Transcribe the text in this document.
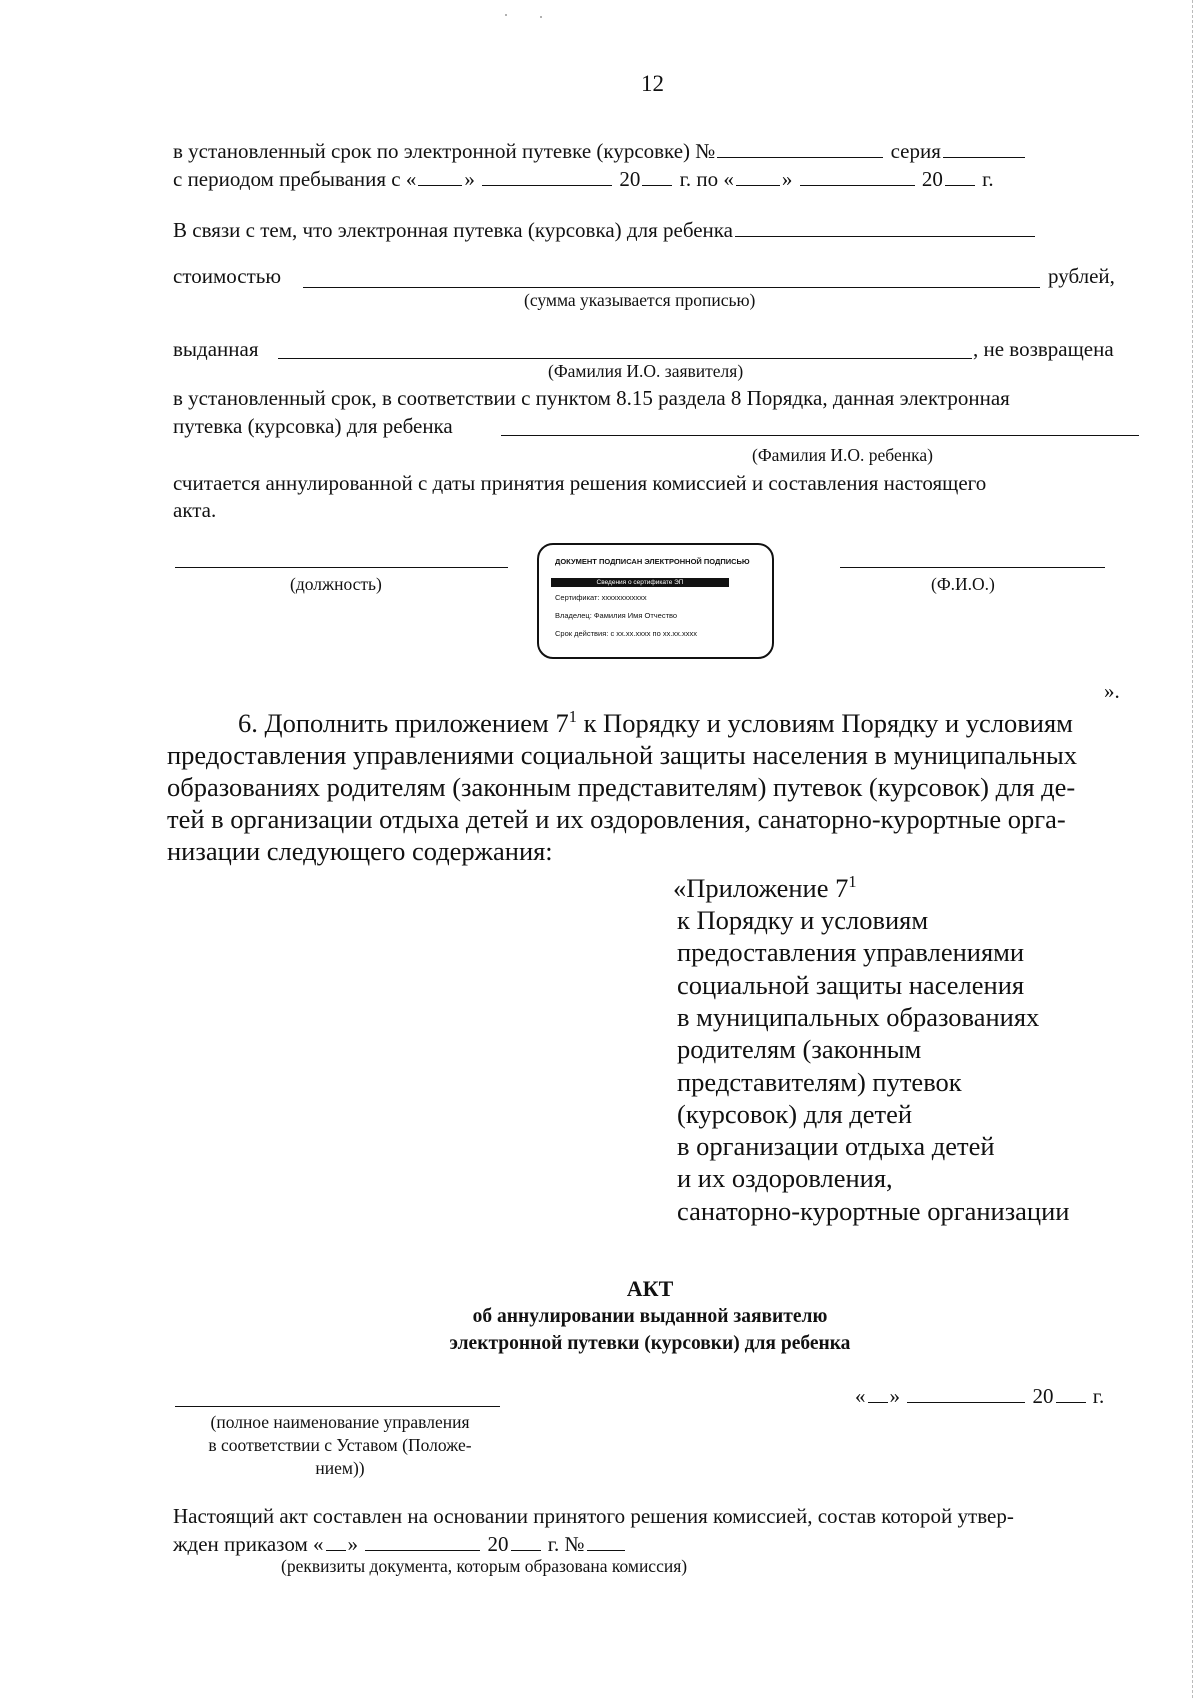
12
в установленный срок по электронной путевке (курсовке) №	серия
с периодом пребывания с « »	20 г. по « »	20 г.
В связи с тем, что электронная путевка (курсовка) для ребенка
стоимостью	рублей,
(сумма указывается прописью)
выданная	, не возвращена
(Фамилия И.О. заявителя)
в установленный срок, в соответствии с пунктом 8.15 раздела 8 Порядка, данная электронная
путевка (курсовка) для ребенка
(Фамилия И.О. ребенка)
считается аннулированной с даты принятия решения комиссией и составления настоящего
акта.
(должность)	(Ф.И.О.)
ДОКУМЕНТ ПОДПИСАН ЭЛЕКТРОННОЙ ПОДПИСЬЮ
Сведения о сертификате ЭП
Сертификат: хххххххххххх
Владелец: Фамилия Имя Отчество
Срок действия: с хх.хх.хххх по хх.хх.хххх
».
6. Дополнить приложением $7^1$ к Порядку и условиям Порядку и условиям
предоставления управлениями социальной защиты населения в муниципальных
образованиях родителям (законным представителям) путевок (курсовок) для де-
тей в организации отдыха детей и их оздоровления, санаторно-курортные орга-
низации следующего содержания:
«Приложение $7^1$
к Порядку и условиям
предоставления управлениями
социальной защиты населения
в муниципальных образованиях
родителям (законным
представителям) путевок
(курсовок) для детей
в организации отдыха детей
и их оздоровления,
санаторно-курортные организации
АКТ
об аннулировании выданной заявителю
электронной путевки (курсовки) для ребенка
« »	20 г.
(полное наименование управления
в соответствии с Уставом (Положе-
нием))
Настоящий акт составлен на основании принятого решения комиссией, состав которой утвер-
жден приказом « »	20 г. №
(реквизиты документа, которым образована комиссия)
